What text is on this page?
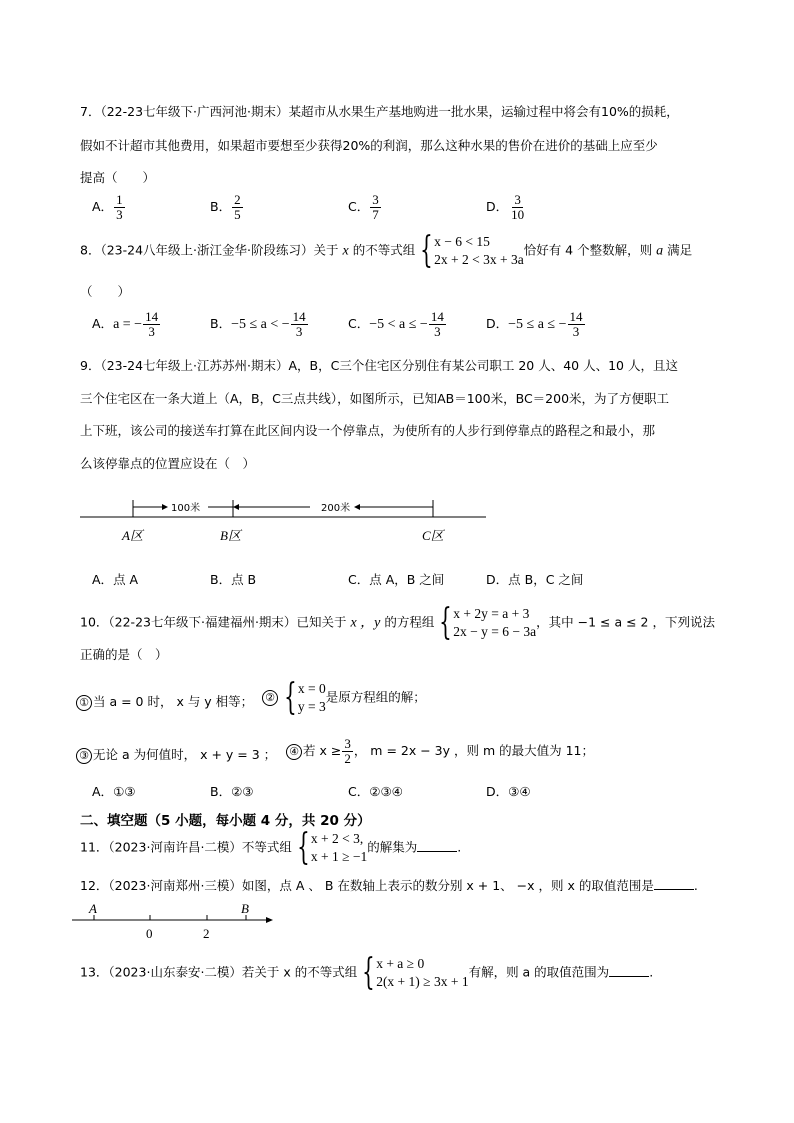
7．（22-23七年级下·广西河池·期末）某超市从水果生产基地购进一批水果，运输过程中将会有10%的损耗，
假如不计超市其他费用，如果超市要想至少获得20%的利润，那么这种水果的售价在进价的基础上应至少
提高（　　）
A． $\frac{1}{3}$	B． $\frac{2}{5}$	C． $\frac{3}{7}$	D． $\frac{3}{10}$
8．（23-24八年级上·浙江金华·阶段练习）关于 x 的不等式组 { x − 6 < 15
2x + 2 < 3x + 3a
恰好有 4 个整数解，则 a 满足
（　　）
A．a = − $\frac{14}{3}$	B．−5 ≤ a < − $\frac{14}{3}$	C．−5 < a ≤ − $\frac{14}{3}$	D．−5 ≤ a ≤ − $\frac{14}{3}$
9．（23-24七年级上·江苏苏州·期末）A，B，C三个住宅区分别住有某公司职工 20 人、40 人、10 人，且这
三个住宅区在一条大道上（A，B，C三点共线），如图所示，已知AB＝100米，BC＝200米，为了方便职工
上下班，该公司的接送车打算在此区间内设一个停靠点，为使所有的人步行到停靠点的路程之和最小，那
么该停靠点的位置应设在（　）
100米	200米
A区	B区	C区
A．点 A	B．点 B	C．点 A，B 之间	D．点 B，C 之间
10．（22-23七年级下·福建福州·期末）已知关于 x ，y 的方程组 { x + 2y = a + 3
2x − y = 6 − 3a
，其中 −1 ≤ a ≤ 2 ，下列说法
正确的是（　）
① 当 a = 0 时， x 与 y 相等； ② { x = 0
y = 3
是原方程组的解；
③ 无论 a 为何值时， x + y = 3 ； ④ 若 $x \ge \frac{3}{2}$ ， m = 2x − 3y ，则 m 的最大值为 11；
A．①③	B．②③	C．②③④	D．③④
二、填空题（5 小题，每小题 4 分，共 20 分）
11．（2023·河南许昌·二模）不等式组 { x + 2 < 3,
x + 1 ≥ −1
的解集为	.
12．（2023·河南郑州·三模）如图，点 A 、 B 在数轴上表示的数分别 x + 1、 −x ，则 x 的取值范围是	.
A	B
0	2
13．（2023·山东泰安·二模）若关于 x 的不等式组 { x + a ≥ 0
2(x + 1) ≥ 3x + 1
有解，则 a 的取值范围为	.
